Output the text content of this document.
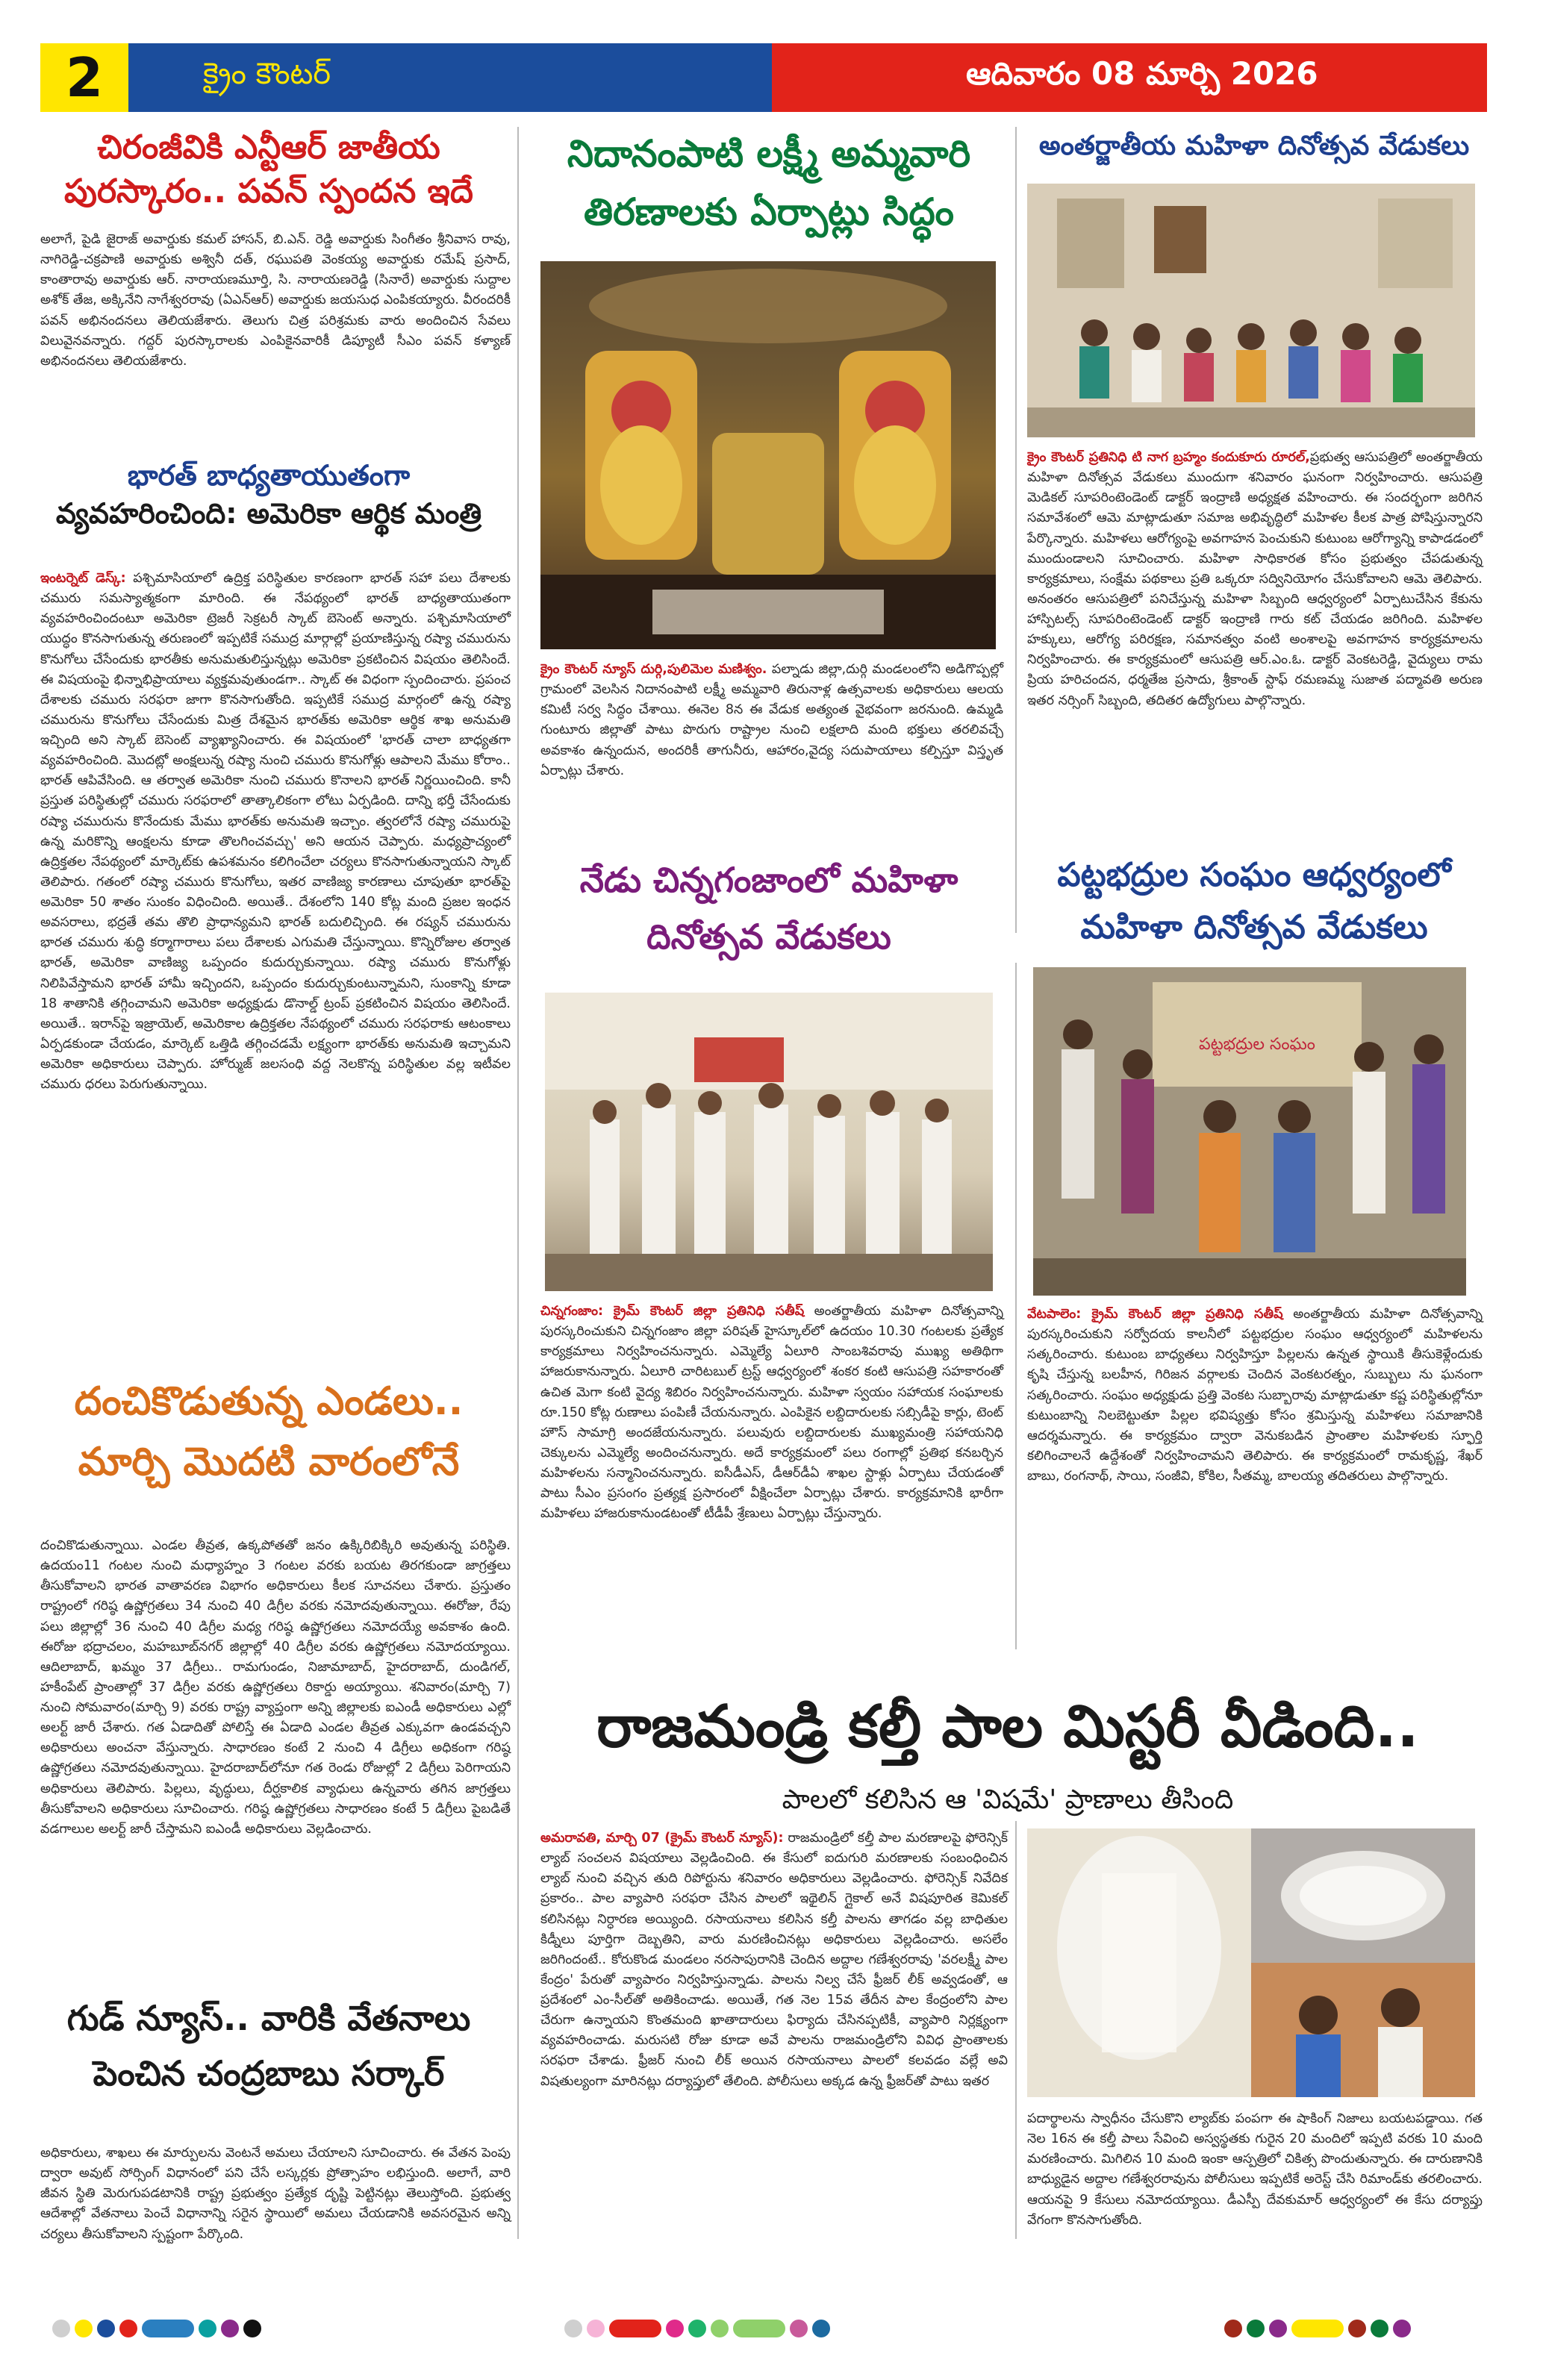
2	క్రైం కౌంటర్	ఆదివారం 08 మార్చి 2026
చిరంజీవికి ఎన్టీఆర్ జాతీయ
పురస్కారం.. పవన్ స్పందన ఇదే
అలాగే, పైడి జైరాజ్ అవార్డుకు కమల్ హాసన్, బి.ఎన్. రెడ్డి అవార్డుకు సింగీతం శ్రీనివాస రావు, నాగిరెడ్డి-చక్రపాణి అవార్డుకు అశ్వినీ దత్, రఘుపతి వెంకయ్య అవార్డుకు రమేష్ ప్రసాద్, కాంతారావు అవార్డుకు ఆర్. నారాయణమూర్తి, సి. నారాయణరెడ్డి (సినారే) అవార్డుకు సుద్దాల అశోక్ తేజ, అక్కినేని నాగేశ్వరరావు (ఏఎన్ఆర్) అవార్డుకు జయసుధ ఎంపికయ్యారు. వీరందరికీ పవన్ అభినందనలు తెలియజేశారు. తెలుగు చిత్ర పరిశ్రమకు వారు అందించిన సేవలు విలువైనవన్నారు. గద్దర్ పురస్కారాలకు ఎంపికైనవారికీ డిప్యూటీ సీఎం పవన్ కళ్యాణ్ అభినందనలు తెలియజేశారు.
భారత్ బాధ్యతాయుతంగా
వ్యవహరించింది: అమెరికా ఆర్థిక మంత్రి
ఇంటర్నెట్ డెస్క్: పశ్చిమాసియాలో ఉద్రిక్త పరిస్థితుల కారణంగా భారత్ సహా పలు దేశాలకు చమురు సమస్యాత్మకంగా మారింది. ఈ నేపథ్యంలో భారత్ బాధ్యతాయుతంగా వ్యవహరించిందంటూ అమెరికా ట్రెజరీ సెక్రటరీ స్కాట్ బెసెంట్ అన్నారు. పశ్చిమాసియాలో యుద్ధం కొనసాగుతున్న తరుణంలో ఇప్పటికే సముద్ర మార్గాల్లో ప్రయాణిస్తున్న రష్యా చమురును కొనుగోలు చేసేందుకు భారతీకు అనుమతులిస్తున్నట్లు అమెరికా ప్రకటించిన విషయం తెలిసిందే. ఈ విషయంపై భిన్నాభిప్రాయాలు వ్యక్తమవుతుండగా.. స్కాట్ ఈ విధంగా స్పందించారు. ప్రపంచ దేశాలకు చమురు సరఫరా జాగా కొనసాగుతోంది. ఇప్పటికే సముద్ర మార్గంలో ఉన్న రష్యా చమురును కొనుగోలు చేసేందుకు మిత్ర దేశమైన భారత్‌కు అమెరికా ఆర్థిక శాఖ అనుమతి ఇచ్చింది అని స్కాట్ బెసెంట్ వ్యాఖ్యానించారు. ఈ విషయంలో 'భారత్ చాలా బాధ్యతగా వ్యవహరించింది. మొదట్లో అంక్షలున్న రష్యా నుంచి చమురు కొనుగోళ్లు ఆపాలని మేము కోరాం.. భారత్ ఆపివేసింది. ఆ తర్వాత అమెరికా నుంచి చమురు కొనాలని భారత్ నిర్ణయించింది. కానీ ప్రస్తుత పరిస్థితుల్లో చమురు సరఫరాలో తాత్కాలికంగా లోటు ఏర్పడింది. దాన్ని భర్తీ చేసేందుకు రష్యా చమురును కొనేందుకు మేము భారత్‌కు అనుమతి ఇచ్చాం. త్వరలోనే రష్యా చమురుపై ఉన్న మరికొన్ని ఆంక్షలను కూడా తొలగించవచ్చు' అని ఆయన చెప్పారు. మధ్యప్రాచ్యంలో ఉద్రిక్తతల నేపథ్యంలో మార్కెట్‌కు ఉపశమనం కలిగించేలా చర్యలు కొనసాగుతున్నాయని స్కాట్ తెలిపారు. గతంలో రష్యా చమురు కొనుగోలు, ఇతర వాణిజ్య కారణాలు చూపుతూ భారత్‌పై అమెరికా 50 శాతం సుంకం విధించింది. అయితే.. దేశంలోని 140 కోట్ల మంది ప్రజల ఇంధన అవసరాలు, భద్రతే తమ తొలి ప్రాధాన్యమని భారత్ బదులిచ్చింది. ఈ రష్యన్ చమురును భారత చమురు శుద్ధి కర్మాగారాలు పలు దేశాలకు ఎగుమతి చేస్తున్నాయి. కొన్నిరోజుల తర్వాత భారత్, అమెరికా వాణిజ్య ఒప్పందం కుదుర్చుకున్నాయి. రష్యా చమురు కొనుగోళ్లు నిలిపివేస్తామని భారత్ హామీ ఇచ్చిందని, ఒప్పందం కుదుర్చుకుంటున్నామని, సుంకాన్ని కూడా 18 శాతానికి తగ్గించామని అమెరికా అధ్యక్షుడు డొనాల్డ్ ట్రంప్ ప్రకటించిన విషయం తెలిసిందే. అయితే.. ఇరాన్‌పై ఇజ్రాయెల్, అమెరికాల ఉద్రిక్తతల నేపథ్యంలో చమురు సరఫరాకు ఆటంకాలు ఏర్పడకుండా చేయడం, మార్కెట్ ఒత్తిడి తగ్గించడమే లక్ష్యంగా భారత్‌కు అనుమతి ఇచ్చామని అమెరికా అధికారులు చెప్పారు. హోర్ముజ్ జలసంధి వద్ద నెలకొన్న పరిస్థితుల వల్ల ఇటీవల చమురు ధరలు పెరుగుతున్నాయి.
దంచికొడుతున్న ఎండలు..
మార్చి మొదటి వారంలోనే
దంచికొడుతున్నాయి. ఎండల తీవ్రత, ఉక్కపోతతో జనం ఉక్కిరిబిక్కిరి అవుతున్న పరిస్థితి. ఉదయం11 గంటల నుంచి మధ్యాహ్నం 3 గంటల వరకు బయట తిరగకుండా జాగ్రత్తలు తీసుకోవాలని భారత వాతావరణ విభాగం అధికారులు కీలక సూచనలు చేశారు. ప్రస్తుతం రాష్ట్రంలో గరిష్ఠ ఉష్ణోగ్రతలు 34 నుంచి 40 డిగ్రీల వరకు నమోదవుతున్నాయి. ఈరోజు, రేపు పలు జిల్లాల్లో 36 నుంచి 40 డిగ్రీల మధ్య గరిష్ఠ ఉష్ణోగ్రతలు నమోదయ్యే అవకాశం ఉంది. ఈరోజు భద్రాచలం, మహబూబ్‌నగర్ జిల్లాల్లో 40 డిగ్రీల వరకు ఉష్ణోగ్రతలు నమోదయ్యాయి. ఆదిలాబాద్, ఖమ్మం 37 డిగ్రీలు.. రామగుండం, నిజామాబాద్, హైదరాబాద్, దుండిగల్, హకీంపేట్ ప్రాంతాల్లో 37 డిగ్రీల వరకు ఉష్ణోగ్రతలు రికార్డు అయ్యాయి. శనివారం(మార్చి 7) నుంచి సోమవారం(మార్చి 9) వరకు రాష్ట్ర వ్యాప్తంగా అన్ని జిల్లాలకు ఐఎండీ అధికారులు ఎల్లో అలర్ట్ జారీ చేశారు. గత ఏడాదితో పోలిస్తే ఈ ఏడాది ఎండల తీవ్రత ఎక్కువగా ఉండవచ్చని అధికారులు అంచనా వేస్తున్నారు. సాధారణం కంటే 2 నుంచి 4 డిగ్రీలు అధికంగా గరిష్ఠ ఉష్ణోగ్రతలు నమోదవుతున్నాయి. హైదరాబాద్‌లోనూ గత రెండు రోజుల్లో 2 డిగ్రీలు పెరిగాయని అధికారులు తెలిపారు. పిల్లలు, వృద్ధులు, దీర్ఘకాలిక వ్యాధులు ఉన్నవారు తగిన జాగ్రత్తలు తీసుకోవాలని అధికారులు సూచించారు. గరిష్ఠ ఉష్ణోగ్రతలు సాధారణం కంటే 5 డిగ్రీలు పైబడితే వడగాలుల అలర్ట్ జారీ చేస్తామని ఐఎండీ అధికారులు వెల్లడించారు.
గుడ్ న్యూస్.. వారికి వేతనాలు
పెంచిన చంద్రబాబు సర్కార్
అధికారులు, శాఖలు ఈ మార్పులను వెంటనే అమలు చేయాలని సూచించారు. ఈ వేతన పెంపు ద్వారా అవుట్ సోర్సింగ్ విధానంలో పని చేసే లస్కర్లకు ప్రోత్సాహం లభిస్తుంది. అలాగే, వారి జీవన స్థితి మెరుగుపడటానికి రాష్ట్ర ప్రభుత్వం ప్రత్యేక దృష్టి పెట్టినట్లు తెలుస్తోంది. ప్రభుత్వ ఆదేశాల్లో వేతనాలు పెంచే విధానాన్ని సరైన స్థాయిలో అమలు చేయడానికి అవసరమైన అన్ని చర్యలు తీసుకోవాలని స్పష్టంగా పేర్కొంది.
నిదానంపాటి లక్ష్మీ అమ్మవారి
తిరణాలకు ఏర్పాట్లు సిద్ధం
క్రైం కౌంటర్ న్యూస్ దుర్గి,పులిమెల మణిశ్వం. పల్నాడు జిల్లా,దుర్గి మండలంలోని అడిగొప్పల్లో గ్రామంలో వెలసిన నిదానంపాటి లక్ష్మీ అమ్మవారి తిరునాళ్ల ఉత్సవాలకు అధికారులు ఆలయ కమిటీ సర్వ సిద్ధం చేశాయి. ఈనెల 8న ఈ వేడుక అత్యంత వైభవంగా జరనుంది. ఉమ్మడి గుంటూరు జిల్లాతో పాటు పొరుగు రాష్ట్రాల నుంచి లక్షలాది మంది భక్తులు తరలివచ్చే అవకాశం ఉన్నందున, అందరికీ తాగునీరు, ఆహారం,వైద్య సదుపాయాలు కల్పిస్తూ విస్తృత ఏర్పాట్లు చేశారు.
నేడు చిన్నగంజాంలో మహిళా
దినోత్సవ వేడుకలు
చిన్నగంజాం: క్రైమ్ కౌంటర్ జిల్లా ప్రతినిధి సతీష్ అంతర్జాతీయ మహిళా దినోత్సవాన్ని పురస్కరించుకుని చిన్నగంజాం జిల్లా పరిషత్ హైస్కూల్‌లో ఉదయం 10.30 గంటలకు ప్రత్యేక కార్యక్రమాలు నిర్వహించనున్నారు. ఎమ్మెల్యే ఏలూరి సాంబశివరావు ముఖ్య అతిథిగా హాజరుకానున్నారు. ఏలూరి చారిటబుల్ ట్రస్ట్ ఆధ్వర్యంలో శంకర కంటి ఆసుపత్రి సహకారంతో ఉచిత మెగా కంటి వైద్య శిబిరం నిర్వహించనున్నారు. మహిళా స్వయం సహాయక సంఘాలకు రూ.150 కోట్ల రుణాలు పంపిణీ చేయనున్నారు. ఎంపికైన లబ్దిదారులకు సబ్సిడీపై కార్లు, టెంట్ హౌస్ సామాగ్రి అందజేయనున్నారు. పలువురు లబ్దిదారులకు ముఖ్యమంత్రి సహాయనిధి చెక్కులను ఎమ్మెల్యే అందించనున్నారు. అదే కార్యక్రమంలో పలు రంగాల్లో ప్రతిభ కనబర్చిన మహిళలను సన్మానించనున్నారు. ఐసీడీఎస్, డీఆర్‌డీఏ శాఖల స్టాళ్లు ఏర్పాటు చేయడంతో పాటు సీఎం ప్రసంగం ప్రత్యక్ష ప్రసారంలో వీక్షించేలా ఏర్పాట్లు చేశారు. కార్యక్రమానికి భారీగా మహిళలు హాజరుకానుండటంతో టీడీపీ శ్రేణులు ఏర్పాట్లు చేస్తున్నారు.
అంతర్జాతీయ మహిళా దినోత్సవ వేడుకలు
క్రైం కౌంటర్ ప్రతినిధి టి నాగ బ్రహ్మం కందుకూరు రూరల్,ప్రభుత్వ ఆసుపత్రిలో అంతర్జాతీయ మహిళా దినోత్సవ వేడుకలు ముందుగా శనివారం ఘనంగా నిర్వహించారు. ఆసుపత్రి మెడికల్ సూపరింటెండెంట్ డాక్టర్ ఇంద్రాణి అధ్యక్షత వహించారు. ఈ సందర్భంగా జరిగిన సమావేశంలో ఆమె మాట్లాడుతూ సమాజ అభివృద్ధిలో మహిళల కీలక పాత్ర పోషిస్తున్నారని పేర్కొన్నారు. మహిళలు ఆరోగ్యంపై అవగాహన పెంచుకుని కుటుంబ ఆరోగ్యాన్ని కాపాడడంలో ముందుండాలని సూచించారు. మహిళా సాధికారత కోసం ప్రభుత్వం చేపడుతున్న కార్యక్రమాలు, సంక్షేమ పథకాలు ప్రతి ఒక్కరూ సద్వినియోగం చేసుకోవాలని ఆమె తెలిపారు. అనంతరం ఆసుపత్రిలో పనిచేస్తున్న మహిళా సిబ్బంది ఆధ్వర్యంలో ఏర్పాటుచేసిన కేకును హాస్పిటల్స్ సూపరింటెండెంట్ డాక్టర్ ఇంద్రాణి గారు కట్ చేయడం జరిగింది. మహిళల హక్కులు, ఆరోగ్య పరిరక్షణ, సమానత్వం వంటి అంశాలపై అవగాహన కార్యక్రమాలను నిర్వహించారు. ఈ కార్యక్రమంలో ఆసుపత్రి ఆర్.ఎం.ఓ. డాక్టర్ వెంకటరెడ్డి, వైద్యులు రామ ప్రియ హరిచందన, ధర్మతేజ ప్రసాదు, శ్రీకాంత్ స్టాఫ్ రమణమ్మ సుజాత పద్మావతి అరుణ ఇతర నర్సింగ్ సిబ్బంది, తదితర ఉద్యోగులు పాల్గొన్నారు.
పట్టభద్రుల సంఘం ఆధ్వర్యంలో
మహిళా దినోత్సవ వేడుకలు
పట్టభద్రుల సంఘం
వేటపాలెం: క్రైమ్ కౌంటర్ జిల్లా ప్రతినిధి సతీష్ అంతర్జాతీయ మహిళా దినోత్సవాన్ని పురస్కరించుకుని సర్వోదయ కాలనీలో పట్టభద్రుల సంఘం ఆధ్వర్యంలో మహిళలను సత్కరించారు. కుటుంబ బాధ్యతలు నిర్వహిస్తూ పిల్లలను ఉన్నత స్థాయికి తీసుకెళ్లేందుకు కృషి చేస్తున్న బలహీన, గిరిజన వర్గాలకు చెందిన వెంకటరత్నం, సుబ్బులు ను ఘనంగా సత్కరించారు. సంఘం అధ్యక్షుడు ప్రత్తి వెంకట సుబ్బారావు మాట్లాడుతూ కష్ట పరిస్థితుల్లోనూ కుటుంబాన్ని నిలబెట్టుతూ పిల్లల భవిష్యత్తు కోసం శ్రమిస్తున్న మహిళలు సమాజానికి ఆదర్శమన్నారు. ఈ కార్యక్రమం ద్వారా వెనుకబడిన ప్రాంతాల మహిళలకు స్ఫూర్తి కలిగించాలనే ఉద్దేశంతో నిర్వహించామని తెలిపారు. ఈ కార్యక్రమంలో రామకృష్ణ, శేఖర్ బాబు, రంగనాథ్, సాయి, సంజీవి, కోకిల, సీతమ్మ, బాలయ్య తదితరులు పాల్గొన్నారు.
రాజమండ్రి కల్తీ పాల మిస్టరీ వీడింది..
పాలలో కలిసిన ఆ 'విషమే' ప్రాణాలు తీసింది
అమరావతి, మార్చి 07 (క్రైమ్ కౌంటర్ న్యూస్): రాజమండ్రిలో కల్తీ పాల మరణాలపై ఫోరెన్సిక్ ల్యాబ్ సంచలన విషయాలు వెల్లడించింది. ఈ కేసులో ఐదుగురి మరణాలకు సంబంధించిన ల్యాబ్ నుంచి వచ్చిన తుది రిపోర్టును శనివారం అధికారులు వెల్లడించారు. ఫోరెన్సిక్ నివేదిక ప్రకారం.. పాల వ్యాపారి సరఫరా చేసిన పాలలో ఇథైలిన్ గ్లైకాల్ అనే విషపూరిత కెమికల్ కలిసినట్లు నిర్ధారణ అయ్యింది. రసాయనాలు కలిసిన కల్తీ పాలను తాగడం వల్ల బాధితుల కిడ్నీలు పూర్తిగా దెబ్బతిని, వారు మరణించినట్లు అధికారులు వెల్లడించారు. అసలేం జరిగిందంటే.. కోరుకొండ మండలం నరసాపురానికి చెందిన అద్దాల గణేశ్వరరావు 'వరలక్ష్మీ పాల కేంద్రం' పేరుతో వ్యాపారం నిర్వహిస్తున్నాడు. పాలను నిల్వ చేసే ఫ్రీజర్ లీక్ అవ్వడంతో, ఆ ప్రదేశంలో ఎం-సీల్‌తో అతికించాడు. అయితే, గత నెల 15వ తేదీన పాల కేంద్రంలోని పాల చేరుగా ఉన్నాయని కొంతమంది ఖాతాదారులు ఫిర్యాదు చేసినప్పటికీ, వ్యాపారి నిర్లక్ష్యంగా వ్యవహరించాడు. మరుసటి రోజు కూడా అవే పాలను రాజమండ్రిలోని వివిధ ప్రాంతాలకు సరఫరా చేశాడు. ఫ్రీజర్ నుంచి లీక్ అయిన రసాయనాలు పాలలో కలవడం వల్లే అవి విషతుల్యంగా మారినట్లు దర్యాప్తులో తేలింది. పోలీసులు అక్కడ ఉన్న ఫ్రీజర్‌తో పాటు ఇతర
పదార్థాలను స్వాధీనం చేసుకొని ల్యాబ్‌కు పంపగా ఈ షాకింగ్ నిజాలు బయటపడ్డాయి. గత నెల 16న ఈ కల్తీ పాలు సేవించి అస్వస్థతకు గురైన 20 మందిలో ఇప్పటి వరకు 10 మంది మరణించారు. మిగిలిన 10 మంది ఇంకా ఆస్పత్రిలో చికిత్స పొందుతున్నారు. ఈ దారుణానికి బాధ్యుడైన అద్దాల గణేశ్వరరావును పోలీసులు ఇప్పటికే అరెస్ట్ చేసి రిమాండ్‌కు తరలించారు. ఆయనపై 9 కేసులు నమోదయ్యాయి. డీఎస్పీ దేవకుమార్ ఆధ్వర్యంలో ఈ కేసు దర్యాప్తు వేగంగా కొనసాగుతోంది.
